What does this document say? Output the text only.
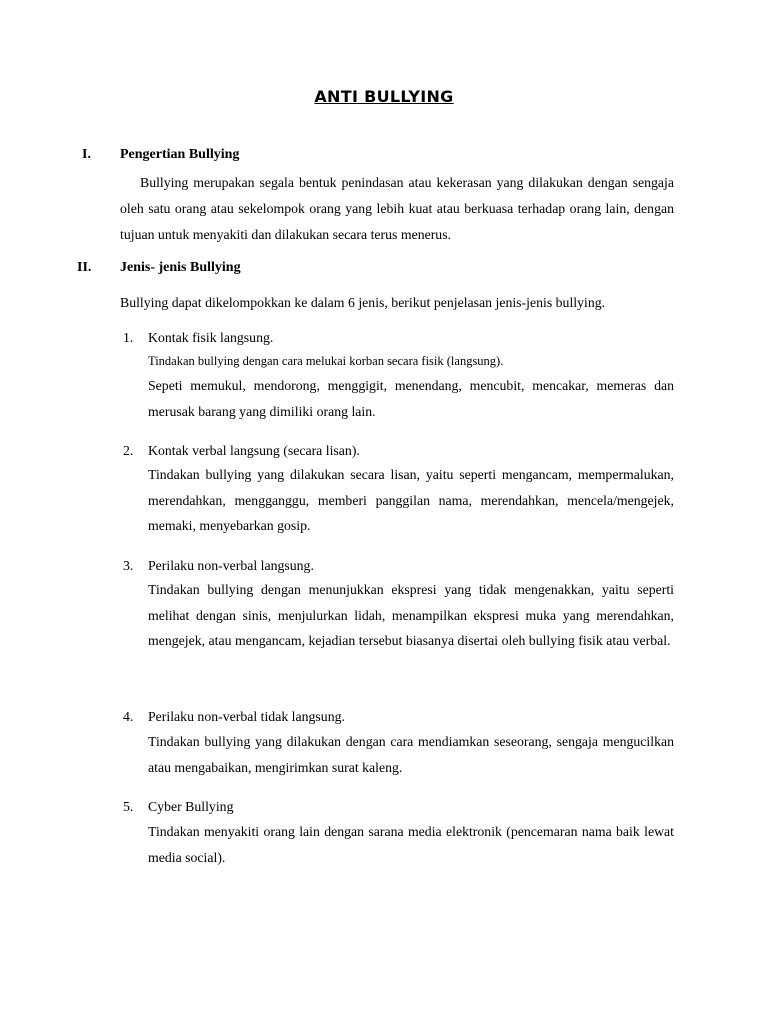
ANTI BULLYING
I. Pengertian Bullying

Bullying merupakan segala bentuk penindasan atau kekerasan yang dilakukan dengan sengaja oleh satu orang atau sekelompok orang yang lebih kuat atau berkuasa terhadap orang lain, dengan tujuan untuk menyakiti dan dilakukan secara terus menerus.

II. Jenis- jenis Bullying

Bullying dapat dikelompokkan ke dalam 6 jenis, berikut penjelasan jenis-jenis bullying.

1. Kontak fisik langsung.
Tindakan bullying dengan cara melukai korban secara fisik (langsung).

Sepeti memukul, mendorong, menggigit, menendang, mencubit, mencakar, memeras dan merusak barang yang dimiliki orang lain.

2. Kontak verbal langsung (secara lisan).

Tindakan bullying yang dilakukan secara lisan, yaitu seperti mengancam, mempermalukan, merendahkan, mengganggu, memberi panggilan nama, merendahkan, mencela/mengejek, memaki, menyebarkan gosip.

3. Perilaku non-verbal langsung.

Tindakan bullying dengan menunjukkan ekspresi yang tidak mengenakkan, yaitu seperti melihat dengan sinis, menjulurkan lidah, menampilkan ekspresi muka yang merendahkan, mengejek, atau mengancam, kejadian tersebut biasanya disertai oleh bullying fisik atau verbal.

4. Perilaku non-verbal tidak langsung.

Tindakan bullying yang dilakukan dengan cara mendiamkan seseorang, sengaja mengucilkan atau mengabaikan, mengirimkan surat kaleng.

5. Cyber Bullying

Tindakan menyakiti orang lain dengan sarana media elektronik (pencemaran nama baik lewat media social).
